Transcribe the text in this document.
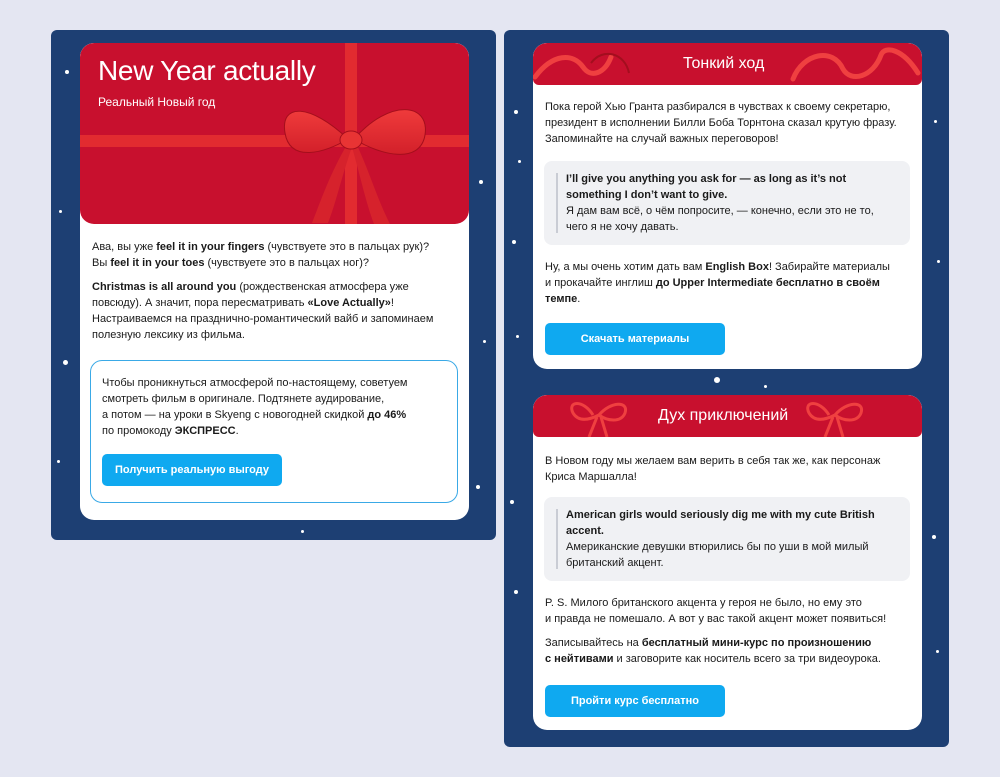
New Year actually
Реальный Новый год

Ава, вы уже feel it in your fingers (чувствуете это в пальцах рук)?
Вы feel it in your toes (чувствуете это в пальцах ног)?

Christmas is all around you (рождественская атмосфера уже
повсюду). А значит, пора пересматривать «Love Actually»!
Настраиваемся на празднично-романтический вайб и запоминаем
полезную лексику из фильма.

Чтобы проникнуться атмосферой по-настоящему, советуем
смотреть фильм в оригинале. Подтянете аудирование,
а потом — на уроки в Skyeng с новогодней скидкой до 46%
по промокоду ЭКСПРЕСС.

Получить реальную выгоду
Тонкий ход

Пока герой Хью Гранта разбирался в чувствах к своему секретарю,
президент в исполнении Билли Боба Торнтона сказал крутую фразу.
Запоминайте на случай важных переговоров!

I’ll give you anything you ask for — as long as it’s not
something I don’t want to give.
Я дам вам всё, о чём попросите, — конечно, если это не то,
чего я не хочу давать.

Ну, а мы очень хотим дать вам English Box! Забирайте материалы
и прокачайте инглиш до Upper Intermediate бесплатно в своём
темпе.

Скачать материалы
Дух приключений

В Новом году мы желаем вам верить в себя так же, как персонаж
Криса Маршалла!

American girls would seriously dig me with my cute British
accent.
Американские девушки втюрились бы по уши в мой милый
британский акцент.

P. S. Милого британского акцента у героя не было, но ему это
и правда не помешало. А вот у вас такой акцент может появиться!

Записывайтесь на бесплатный мини-курс по произношению
с нейтивами и заговорите как носитель всего за три видеоурока.

Пройти курс бесплатно
